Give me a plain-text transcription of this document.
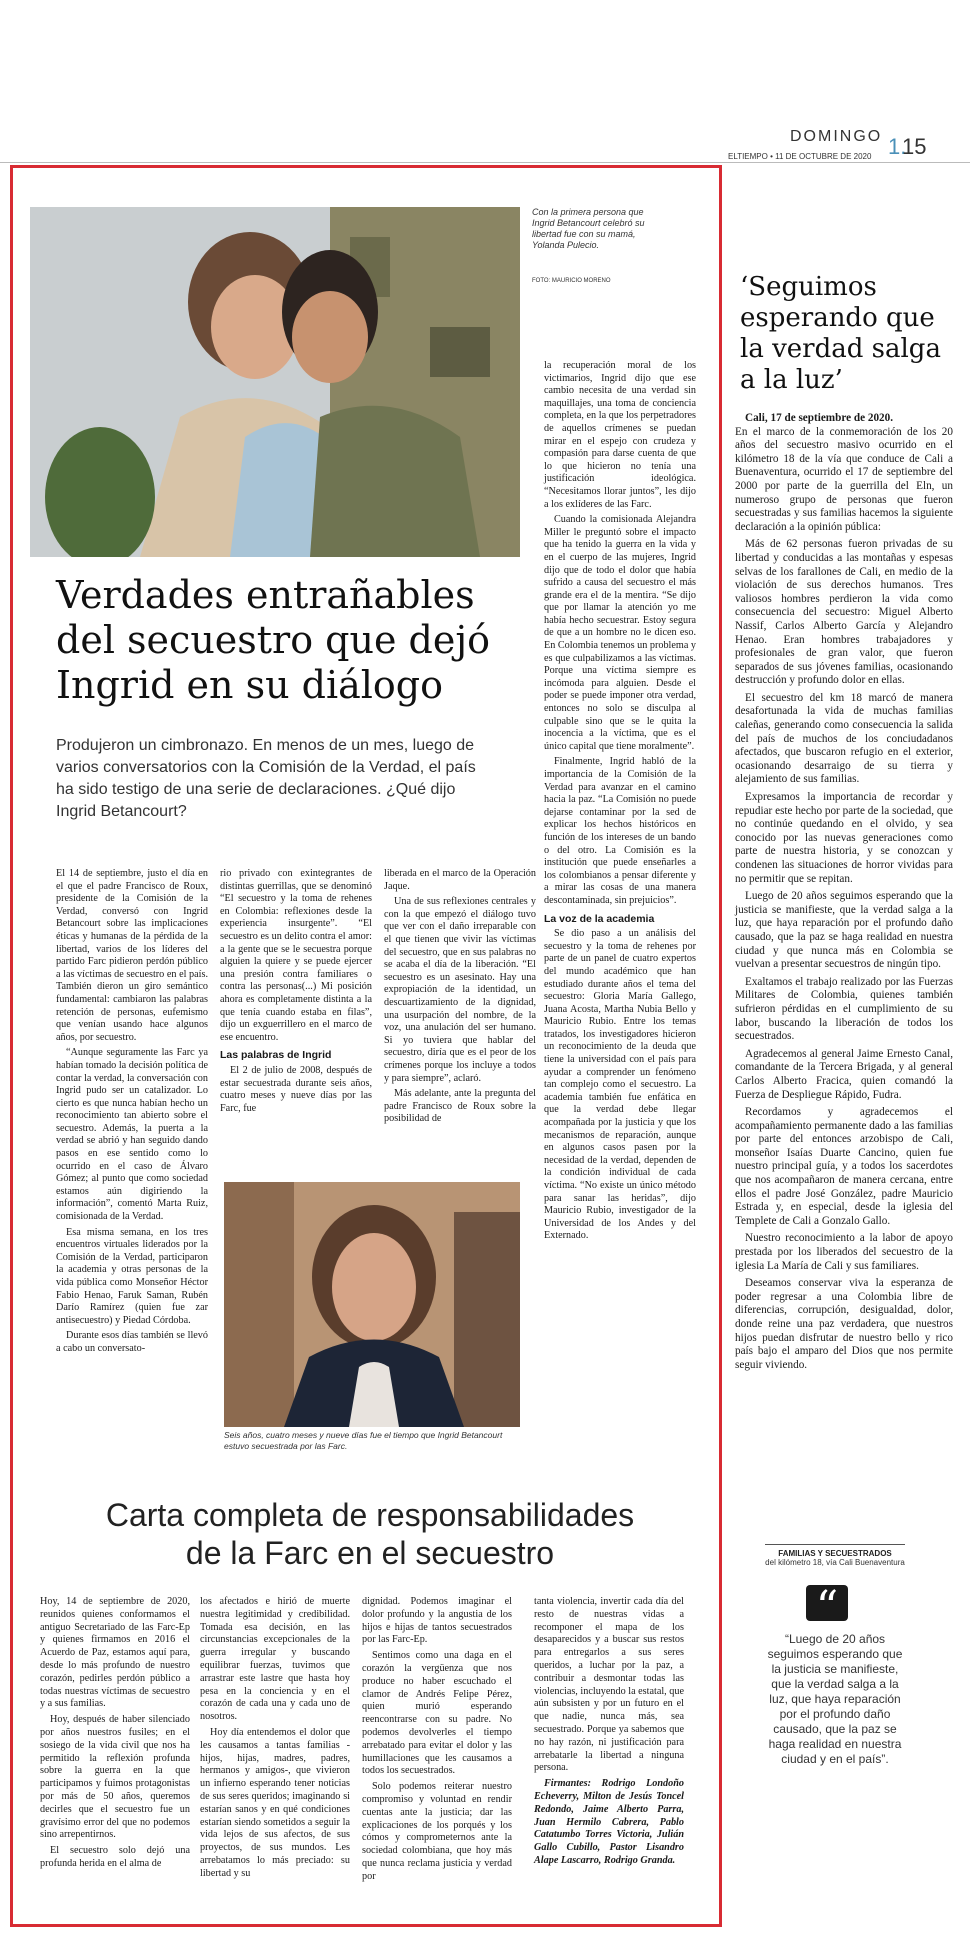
DOMINGO 1.
15
ELTIEMPO • 11 DE OCTUBRE DE 2020
Con la primera persona que Ingrid Betancourt celebró su libertad fue con su mamá, Yolanda Pulecio.
FOTO: MAURICIO MORENO
Verdades entrañables del secuestro que dejó Ingrid en su diálogo
Produjeron un cimbronazo. En menos de un mes, luego de varios conversatorios con la Comisión de la Verdad, el país ha sido testigo de una serie de declaraciones. ¿Qué dijo Ingrid Betancourt?

El 14 de septiembre, justo el día en el que el padre Francisco de Roux, presidente de la Comisión de la Verdad, conversó con Ingrid Betancourt sobre las implicaciones éticas y humanas de la pérdida de la libertad, varios de los líderes del partido Farc pidieron perdón público a las víctimas de secuestro en el país. También dieron un giro semántico fundamental: cambiaron las palabras retención de personas, eufemismo que venían usando hace algunos años, por secuestro.

“Aunque seguramente las Farc ya habían tomado la decisión política de contar la verdad, la conversación con Ingrid pudo ser un catalizador. Lo cierto es que nunca habían hecho un reconocimiento tan abierto sobre el secuestro. Además, la puerta a la verdad se abrió y han seguido dando pasos en ese sentido como lo ocurrido en el caso de Álvaro Gómez; al punto que como sociedad estamos aún digiriendo la información”, comentó Marta Ruiz, comisionada de la Verdad.

Esa misma semana, en los tres encuentros virtuales liderados por la Comisión de la Verdad, participaron la academia y otras personas de la vida pública como Monseñor Héctor Fabio Henao, Faruk Saman, Rubén Darío Ramírez (quien fue zar antisecuestro) y Piedad Córdoba.

Durante esos días también se llevó a cabo un conversato-

rio privado con exintegrantes de distintas guerrillas, que se denominó “El secuestro y la toma de rehenes en Colombia: reflexiones desde la experiencia insurgente”. “El secuestro es un delito contra el amor: a la gente que se le secuestra porque alguien la quiere y se puede ejercer una presión contra familiares o contra las personas(...) Mi posición ahora es completamente distinta a la que tenía cuando estaba en filas”, dijo un exguerrillero en el marco de ese encuentro.

Las palabras de Ingrid

El 2 de julio de 2008, después de estar secuestrada durante seis años, cuatro meses y nueve días por las Farc, fue

liberada en el marco de la Operación Jaque.

Una de sus reflexiones centrales y con la que empezó el diálogo tuvo que ver con el daño irreparable con el que tienen que vivir las víctimas del secuestro, que en sus palabras no se acaba el día de la liberación. “El secuestro es un asesinato. Hay una expropiación de la identidad, un descuartizamiento de la dignidad, una usurpación del nombre, de la voz, una anulación del ser humano. Si yo tuviera que hablar del secuestro, diría que es el peor de los crímenes porque los incluye a todos y para siempre”, aclaró.

Más adelante, ante la pregunta del padre Francisco de Roux sobre la posibilidad de

la recuperación moral de los victimarios, Ingrid dijo que ese cambio necesita de una verdad sin maquillajes, una toma de conciencia completa, en la que los perpetradores de aquellos crímenes se puedan mirar en el espejo con crudeza y compasión para darse cuenta de que lo que hicieron no tenía una justificación ideológica. “Necesitamos llorar juntos”, les dijo a los exlíderes de las Farc.

Cuando la comisionada Alejandra Miller le preguntó sobre el impacto que ha tenido la guerra en la vida y en el cuerpo de las mujeres, Ingrid dijo que de todo el dolor que había sufrido a causa del secuestro el más grande era el de la mentira. “Se dijo que por llamar la atención yo me había hecho secuestrar. Estoy segura de que a un hombre no le dicen eso. En Colombia tenemos un problema y es que culpabilizamos a las víctimas. Porque una víctima siempre es incómoda para alguien. Desde el poder se puede imponer otra verdad, entonces no solo se disculpa al culpable sino que se le quita la inocencia a la víctima, que es el único capital que tiene moralmente”.

Finalmente, Ingrid habló de la importancia de la Comisión de la Verdad para avanzar en el camino hacia la paz. “La Comisión no puede dejarse contaminar por la sed de explicar los hechos históricos en función de los intereses de un bando o del otro. La Comisión es la institución que puede enseñarles a los colombianos a pensar diferente y a mirar las cosas de una manera descontaminada, sin prejuicios”.

La voz de la academia

Se dio paso a un análisis del secuestro y la toma de rehenes por parte de un panel de cuatro expertos del mundo académico que han estudiado durante años el tema del secuestro: Gloria María Gallego, Juana Acosta, Martha Nubia Bello y Mauricio Rubio. Entre los temas tratados, los investigadores hicieron un reconocimiento de la deuda que tiene la universidad con el país para ayudar a comprender un fenómeno tan complejo como el secuestro. La academia también fue enfática en que la verdad debe llegar acompañada por la justicia y que los mecanismos de reparación, aunque en algunos casos pasen por la necesidad de la verdad, dependen de la condición individual de cada víctima. “No existe un único método para sanar las heridas”, dijo Mauricio Rubio, investigador de la Universidad de los Andes y del Externado.

Seis años, cuatro meses y nueve días fue el tiempo que Ingrid Betancourt estuvo secuestrada por las Farc.
Carta completa de responsabilidades
de la Farc en el secuestro

Hoy, 14 de septiembre de 2020, reunidos quienes conformamos el antiguo Secretariado de las Farc-Ep y quienes firmamos en 2016 el Acuerdo de Paz, estamos aquí para, desde lo más profundo de nuestro corazón, pedirles perdón público a todas nuestras víctimas de secuestro y a sus familias.

Hoy, después de haber silenciado por años nuestros fusiles; en el sosiego de la vida civil que nos ha permitido la reflexión profunda sobre la guerra en la que participamos y fuimos protagonistas por más de 50 años, queremos decirles que el secuestro fue un gravísimo error del que no podemos sino arrepentirnos.

El secuestro solo dejó una profunda herida en el alma de

los afectados e hirió de muerte nuestra legitimidad y credibilidad. Tomada esa decisión, en las circunstancias excepcionales de la guerra irregular y buscando equilibrar fuerzas, tuvimos que arrastrar este lastre que hasta hoy pesa en la conciencia y en el corazón de cada una y cada uno de nosotros.

Hoy día entendemos el dolor que les causamos a tantas familias -hijos, hijas, madres, padres, hermanos y amigos-, que vivieron un infierno esperando tener noticias de sus seres queridos; imaginando si estarían sanos y en qué condiciones estarían siendo sometidos a seguir la vida lejos de sus afectos, de sus proyectos, de sus mundos. Les arrebatamos lo más preciado: su libertad y su

dignidad. Podemos imaginar el dolor profundo y la angustia de los hijos e hijas de tantos secuestrados por las Farc-Ep.

Sentimos como una daga en el corazón la vergüenza que nos produce no haber escuchado el clamor de Andrés Felipe Pérez, quien murió esperando reencontrarse con su padre. No podemos devolverles el tiempo arrebatado para evitar el dolor y las humillaciones que les causamos a todos los secuestrados.

Solo podemos reiterar nuestro compromiso y voluntad en rendir cuentas ante la justicia; dar las explicaciones de los porqués y los cómos y comprometernos ante la sociedad colombiana, que hoy más que nunca reclama justicia y verdad por

tanta violencia, invertir cada día del resto de nuestras vidas a recomponer el mapa de los desaparecidos y a buscar sus restos para entregarlos a sus seres queridos, a luchar por la paz, a contribuir a desmontar todas las violencias, incluyendo la estatal, que aún subsisten y por un futuro en el que nadie, nunca más, sea secuestrado. Porque ya sabemos que no hay razón, ni justificación para arrebatarle la libertad a ninguna persona.

Firmantes: Rodrigo Londoño Echeverry, Milton de Jesús Toncel Redondo, Jaime Alberto Parra, Juan Hermilo Cabrera, Pablo Catatumbo Torres Victoria, Julián Gallo Cubillo, Pastor Lisandro Alape Lascarro, Rodrigo Granda.

‘Seguimos esperando que la verdad salga a la luz’

Cali, 17 de septiembre de 2020.

En el marco de la conmemoración de los 20 años del secuestro masivo ocurrido en el kilómetro 18 de la vía que conduce de Cali a Buenaventura, ocurrido el 17 de septiembre del 2000 por parte de la guerrilla del Eln, un numeroso grupo de personas que fueron secuestradas y sus familias hacemos la siguiente declaración a la opinión pública:

Más de 62 personas fueron privadas de su libertad y conducidas a las montañas y espesas selvas de los farallones de Cali, en medio de la violación de sus derechos humanos. Tres valiosos hombres perdieron la vida como consecuencia del secuestro: Miguel Alberto Nassif, Carlos Alberto García y Alejandro Henao. Eran hombres trabajadores y profesionales de gran valor, que fueron separados de sus jóvenes familias, ocasionando destrucción y profundo dolor en ellas.

El secuestro del km 18 marcó de manera desafortunada la vida de muchas familias caleñas, generando como consecuencia la salida del país de muchos de los conciudadanos afectados, que buscaron refugio en el exterior, ocasionando desarraigo de su tierra y alejamiento de sus familias.

Expresamos la importancia de recordar y repudiar este hecho por parte de la sociedad, que no continúe quedando en el olvido, y sea conocido por las nuevas generaciones como parte de nuestra historia, y se conozcan y condenen las situaciones de horror vividas para no permitir que se repitan.

Luego de 20 años seguimos esperando que la justicia se manifieste, que la verdad salga a la luz, que haya reparación por el profundo daño causado, que la paz se haga realidad en nuestra ciudad y que nunca más en Colombia se vuelvan a presentar secuestros de ningún tipo.

Exaltamos el trabajo realizado por las Fuerzas Militares de Colombia, quienes también sufrieron pérdidas en el cumplimiento de su labor, buscando la liberación de todos los secuestrados.

Agradecemos al general Jaime Ernesto Canal, comandante de la Tercera Brigada, y al general Carlos Alberto Fracica, quien comandó la Fuerza de Despliegue Rápido, Fudra.

Recordamos y agradecemos el acompañamiento permanente dado a las familias por parte del entonces arzobispo de Cali, monseñor Isaías Duarte Cancino, quien fue nuestro principal guía, y a todos los sacerdotes que nos acompañaron de manera cercana, entre ellos el padre José González, padre Mauricio Estrada y, en especial, desde la iglesia del Templete de Cali a Gonzalo Gallo.

Nuestro reconocimiento a la labor de apoyo prestada por los liberados del secuestro de la iglesia La María de Cali y sus familiares.

Deseamos conservar viva la esperanza de poder regresar a una Colombia libre de diferencias, corrupción, desigualdad, dolor, donde reine una paz verdadera, que nuestros hijos puedan disfrutar de nuestro bello y rico país bajo el amparo del Dios que nos permite seguir viviendo.

FAMILIAS Y SECUESTRADOS
del kilómetro 18, vía Cali Buenaventura
“
“Luego de 20 años seguimos esperando que la justicia se manifieste, que la verdad salga a la luz, que haya reparación por el profundo daño causado, que la paz se haga realidad en nuestra ciudad y en el país”.
